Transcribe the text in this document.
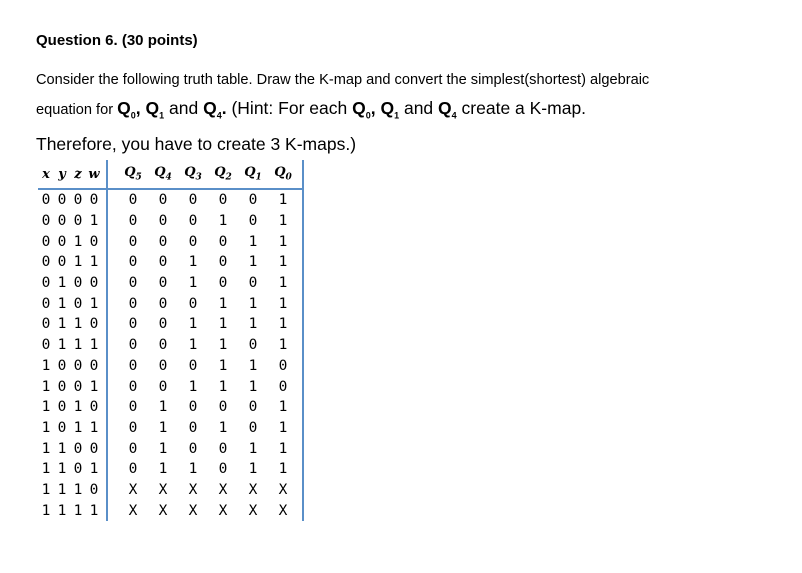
Question 6. (30 points)
Consider the following truth table. Draw the K-map and convert the simplest(shortest) algebraic
equation for $Q_0$, $Q_1$ and $Q_4$. (Hint: For each $Q_0$, $Q_1$ and $Q_4$ create a K-map.
Therefore, you have to create 3 K-maps.)
x	y	z	w			$Q_5$	$Q_4$	$Q_3$	$Q_2$	$Q_1$	$Q_0$	
0	0	0	0			0	0	0	0	0	1	
0	0	0	1			0	0	0	1	0	1	
0	0	1	0			0	0	0	0	1	1	
0	0	1	1			0	0	1	0	1	1	
0	1	0	0			0	0	1	0	0	1	
0	1	0	1			0	0	0	1	1	1	
0	1	1	0			0	0	1	1	1	1	
0	1	1	1			0	0	1	1	0	1	
1	0	0	0			0	0	0	1	1	0	
1	0	0	1			0	0	1	1	1	0	
1	0	1	0			0	1	0	0	0	1	
1	0	1	1			0	1	0	1	0	1	
1	1	0	0			0	1	0	0	1	1	
1	1	0	1			0	1	1	0	1	1	
1	1	1	0			X	X	X	X	X	X	
1	1	1	1			X	X	X	X	X	X	
